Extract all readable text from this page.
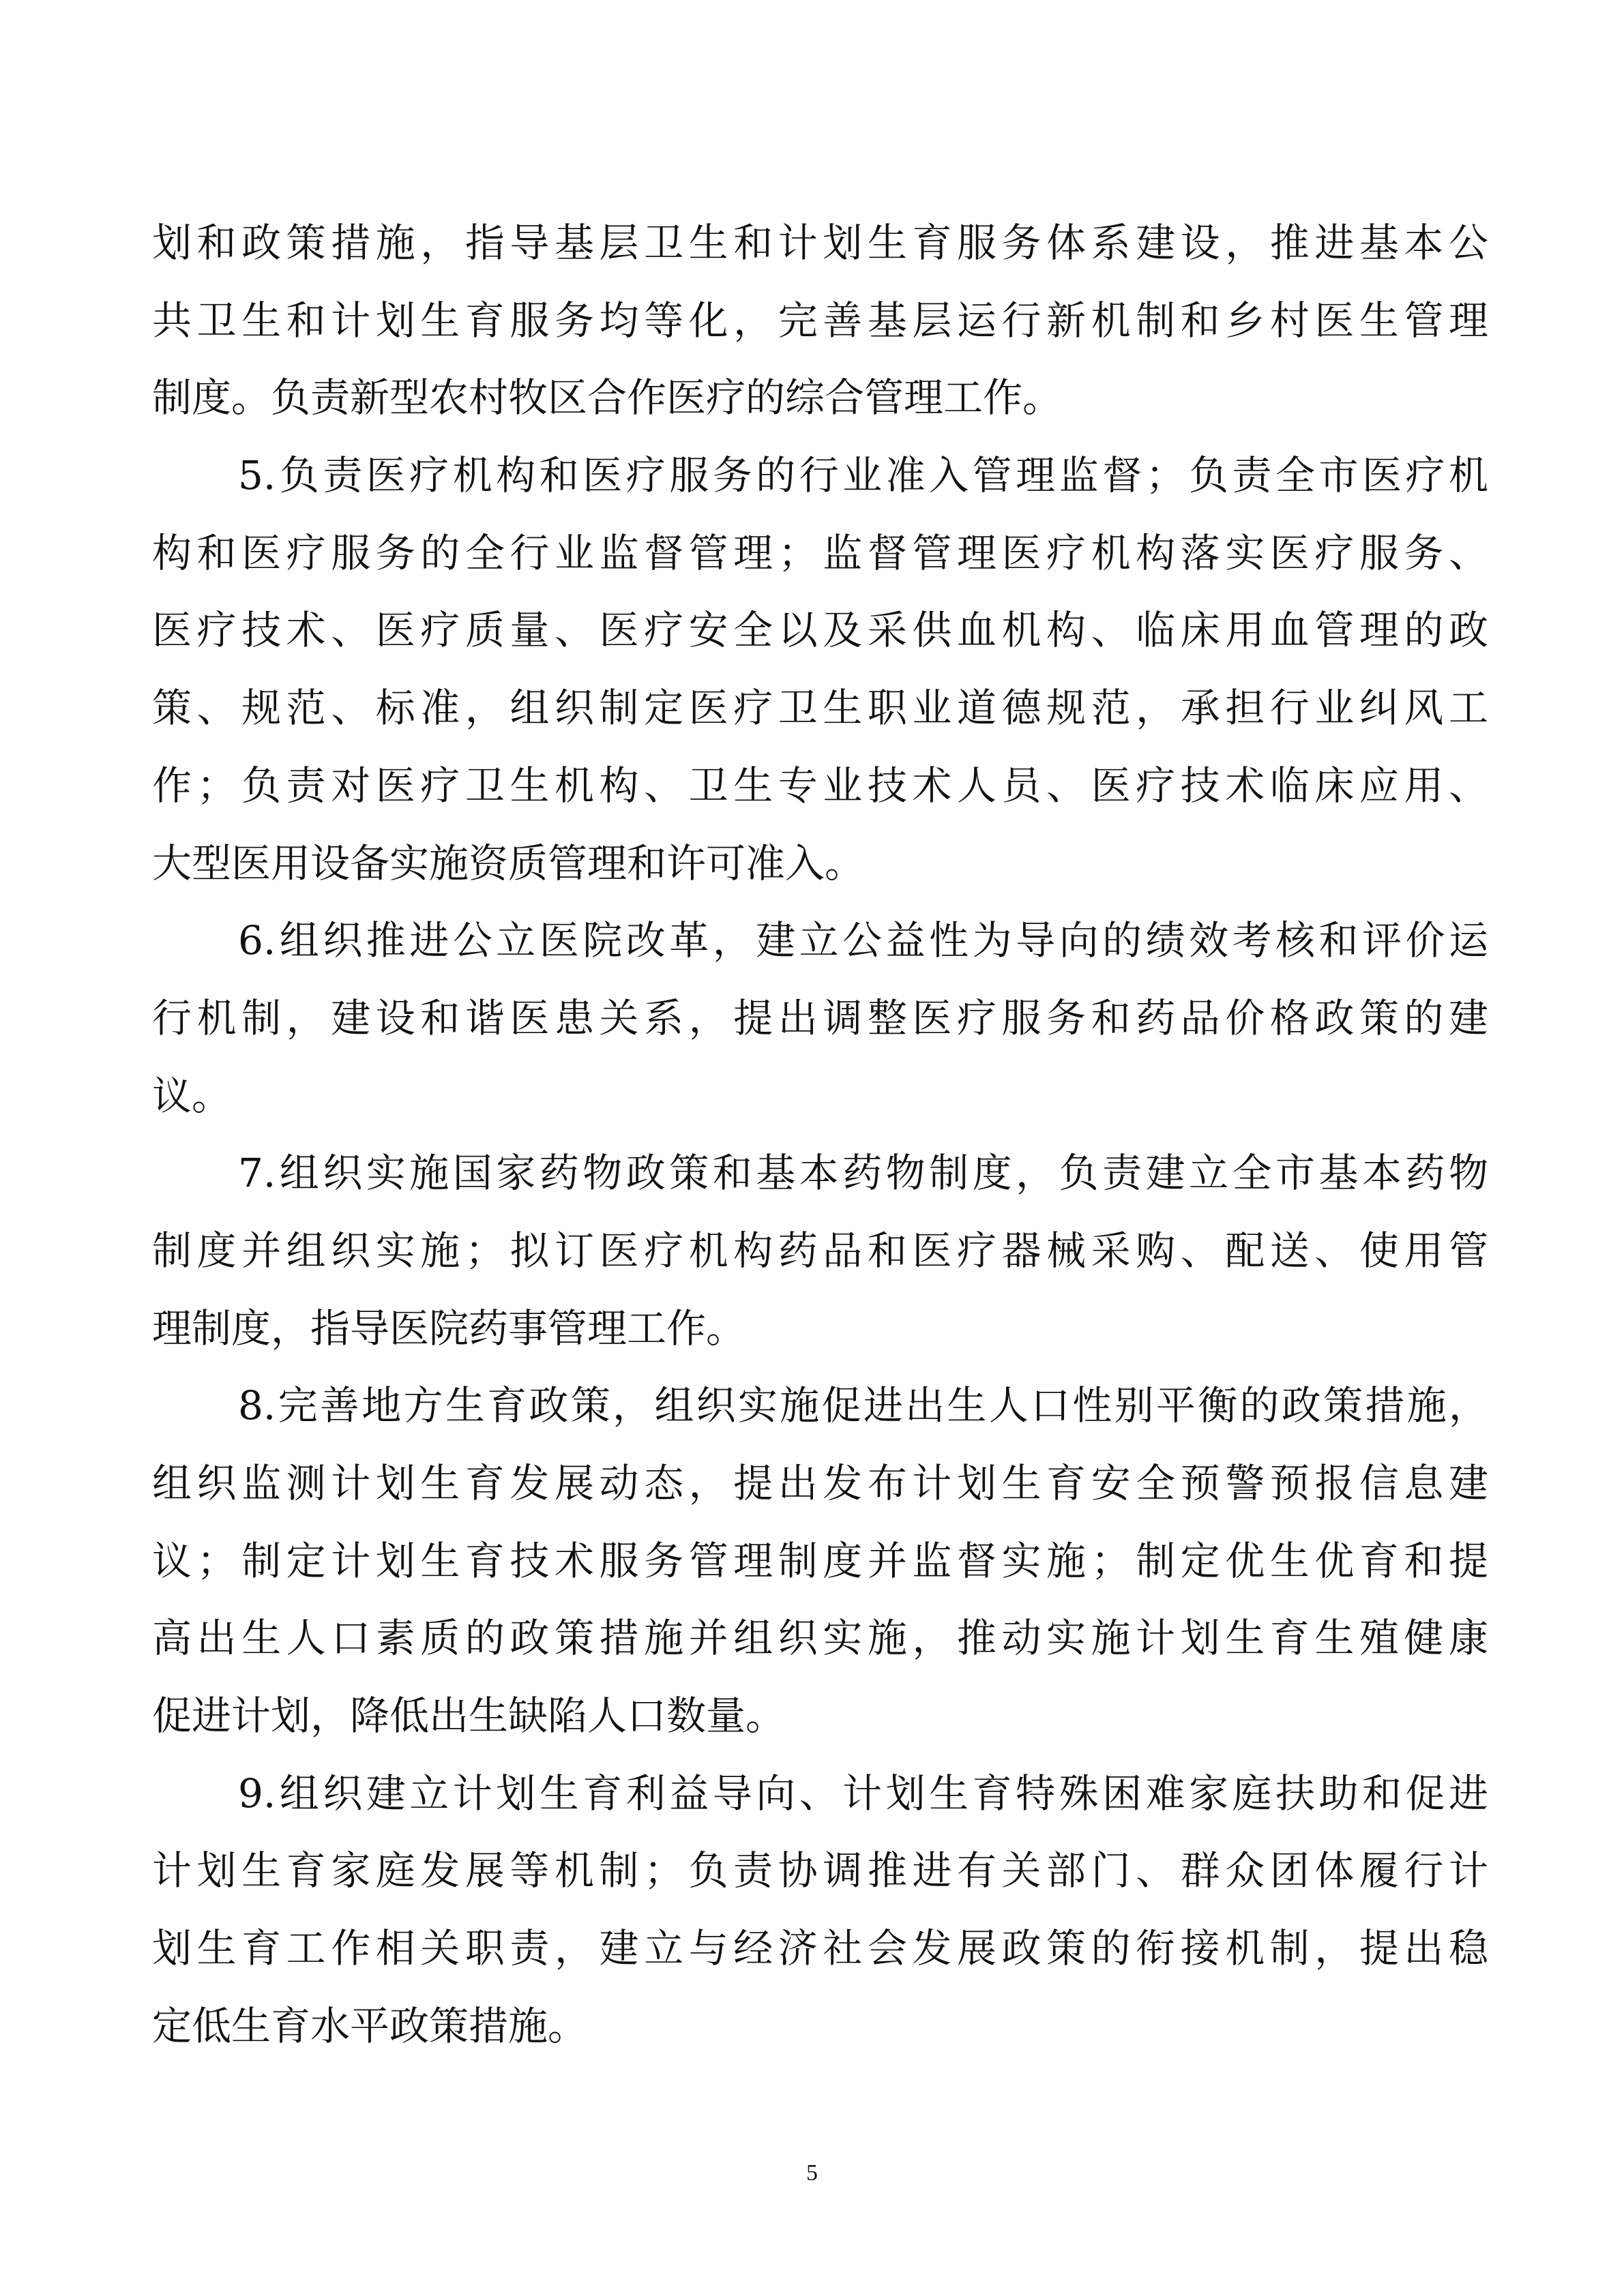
划和政策措施，指导基层卫生和计划生育服务体系建设，推进基本公
共卫生和计划生育服务均等化，完善基层运行新机制和乡村医生管理
制度。负责新型农村牧区合作医疗的综合管理工作。
5.负责医疗机构和医疗服务的行业准入管理监督；负责全市医疗机
构和医疗服务的全行业监督管理；监督管理医疗机构落实医疗服务、
医疗技术、医疗质量、医疗安全以及采供血机构、临床用血管理的政
策、规范、标准，组织制定医疗卫生职业道德规范，承担行业纠风工
作；负责对医疗卫生机构、卫生专业技术人员、医疗技术临床应用、
大型医用设备实施资质管理和许可准入。
6.组织推进公立医院改革，建立公益性为导向的绩效考核和评价运
行机制，建设和谐医患关系，提出调整医疗服务和药品价格政策的建
议。
7.组织实施国家药物政策和基本药物制度，负责建立全市基本药物
制度并组织实施；拟订医疗机构药品和医疗器械采购、配送、使用管
理制度，指导医院药事管理工作。
8.完善地方生育政策，组织实施促进出生人口性别平衡的政策措施，
组织监测计划生育发展动态，提出发布计划生育安全预警预报信息建
议；制定计划生育技术服务管理制度并监督实施；制定优生优育和提
高出生人口素质的政策措施并组织实施，推动实施计划生育生殖健康
促进计划，降低出生缺陷人口数量。
9.组织建立计划生育利益导向、计划生育特殊困难家庭扶助和促进
计划生育家庭发展等机制；负责协调推进有关部门、群众团体履行计
划生育工作相关职责，建立与经济社会发展政策的衔接机制，提出稳
定低生育水平政策措施。
5
